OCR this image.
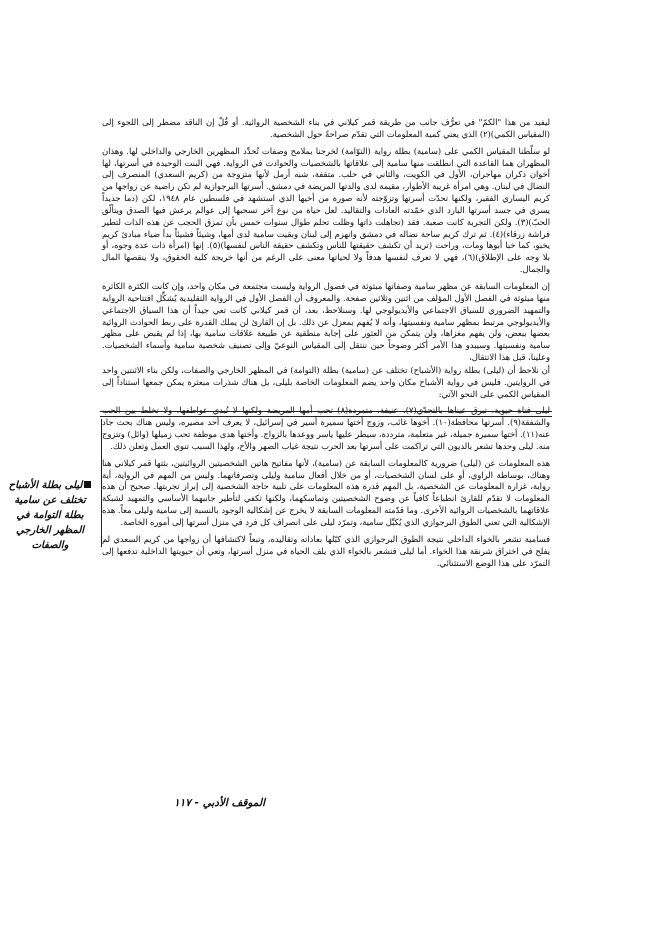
ليفيد من هذا "الكمّ" في تعرُّف جانب من طريقة قمر كيلاني في بناء الشخصية الروائية. أو قُلْ إن الناقد مضطر إلى اللجوء إلى (المقياس الكمي)(٢) الذي يعني كمية المعلومات التي تقدّم صراحةً حول الشخصية.

لو سلّطنا المقياس الكمي على (سامية) بطلة رواية (التوّامة) لخرجنا بملامح وصفات تُحدِّد المظهرين الخارجي والداخلي لها. وهذان المظهران هما القاعدة التي انطلقت منها سامية إلى علاقاتها بالشخصيات والحوادث في الرواية. فهي البنت الوحيدة في أسرتها، لها أخوان ذكران مهاجران، الأول في الكويت، والثاني في حلب. متقفة، شبه أرمل لأنها متزوجة من (كريم السعدي) المنصرف إلى النضال في لبنان. وهي امرأة غريبة الأطوار، مقيمة لدى والدتها المريضة في دمشق. أسرتها البرجوازية لم تكن راضية عن زواجها من كريم اليساري الفقير، ولكنها تحدّت أسرتها وتزوّجته لأنه صورة من أخيها الذي استشهد في فلسطين عام ١٩٤٨، لكن (دما جديداً يسري في جسد أسرتها البارد الذي خمّدته العادات والتقاليد. لعل حياة من نوع آخر تسحبها إلى عوالم يرعش فيها الصدق ويتألّق الحبّ)(٣). ولكن التجربة كانت صعبة. فقد (تجاهلت ذاتها وظلت تحلم طوال سنوات خمس بأن تمزق الحجب عن هذه الذات لتطير فراشة زرقاء)(٤). ثم ترك كريم ساحة نضاله في دمشق وانهزم إلى لبنان وبقيت سامية لدى أمها، وشيئاً فشيئاً بدأ ضياء مبادئ كريم يخبو، كما خبا أبوها ومات، وراحت (تريد أن تكشف حقيقتها للناس وتكشف حقيقة الناس لنفسها)(٥). إنها (امرأة ذات عدة وجوه، أو بلا وجه على الإطلاق)(٦)، فهي لا تعرف لنفسها هدفاً ولا لحياتها معنى على الرغم من أنها خريجة كلية الحقوق، ولا ينقصها المال والجمال.

إن المعلومات السابقة عن مظهر سامية وصفاتها مبثوثة في فصول الرواية وليست مجتمعة في مكان واحد، وإن كانت الكثرة الكاثرة منها مبثوثة في الفصل الأول المؤلف من اثنين وثلاثين صفحة. والمعروف أن الفصل الأول في الرواية التقليدية يُشكِّل افتتاحية الرواية والتمهيد الضروري للسياق الاجتماعي والأيديولوجي لها. وسنلاحظ، بعد، أن قمر كيلاني كانت تعي جيداً أن هذا السياق الاجتماعي والأيديولوجي مرتبط بمظهر سامية ونفسيتها، وأنه لا يُفهم بمعزل عن ذلك. بل إن القارئ لن يملك القدرة على ربط الحوادث الروائية بعضها ببعض، ولن يفهم مغزاها، ولن يتمكن من العثور على إجابة منطقية عن طبيعة علاقات سامية بها، إذا لم يقبض على مظهر سامية ونفسيتها. وسيبدو هذا الأمر أكثر وضوحاً حين ننتقل إلى المقياس النوعيّ وإلى تصنيف شخصية سامية وأسماء الشخصيات. وعلينا، قبل هذا الانتقال،

أن نلاحظ أن (ليلى) بطلة رواية (الأشباح) تختلف عن (سامية) بطلة (التوامة) في المظهر الخارجي والصفات، ولكن بناء الاثنتين واحد في الروايتين. فليس في رواية الأشباح مكان واحد يضم المعلومات الخاصة بليلى، بل هناك شذرات مبعثرة يمكن جمعها استناداً إلى المقياس الكمي على النحو الآتي:

ليلى فتاة حيوية، تبرق عيناها بالتحدّي(٧). عنيفة، متمردة(٨) تحب أمها المريضة ولكنها لا تُبدي عواطفها، ولا تخلط بين الحب والشفقة(٩). أسرتها محافظة(١٠). أخوها غائب، وزوج أختها سميرة أسير في إسرائيل، لا يعرف أحد مصيره، وليس هناك بحث جاد عنه(١١). أختها سميرة جميلة، غير متعلمة، مترددة، سيطر عليها ياسر ووعدها بالزواج. وأختها هدى موظفة تحب زميلها (وائل) وتتزوج منه. ليلى وحدها تشعر بالديون التي تراكمت على أسرتها بعد الحرب نتيجة غياب الصهر والأخ، ولهذا السبب تنوي العمل وتعلن ذلك.

هذه المعلومات عن (ليلى) ضرورية كالمعلومات السابقة عن (سامية)، لأنها مفاتيح هاتين الشخصيتين الروائيتين، بثتها قمر كيلاني هنا وهناك، بوساطة الراوي، أو على لسان الشخصيات، أو من خلال أفعال سامية وليلى وتصرفاتهما. وليس من المهم في الرواية، أية رواية، غزارة المعلومات عن الشخصية، بل المهم قدرة هذه المعلومات على تلبية حاجة الشخصية إلى إبراز تجربتها. صحيح أن هذه المعلومات لا تقدّم للقارئ انطباعاً كافياً عن وضوح الشخصيتين وتماسكهما، ولكنها تكفي لتأطير جانبهما الأساسي والتمهيد لشبكة علاقاتهما بالشخصيات الروائية الأخرى. وما قدّمته المعلومات السابقة لا يخرج عن إشكالية الوجود بالنسبة إلى سامية وليلى معاً. هذه الإشكالية التي تعني الطوق البرجوازي الذي يُكبِّل سامية، وتمرّد ليلى على انصراف كل فرد في منزل أسرتها إلى أموره الخاصة.

فسامية تشعر بالخواء الداخلي نتيجة الطوق البرجوازي الذي كبّلها بعاداته وتقاليده، وتبعاً لاكتشافها أن زواجها من كريم السعدي لم يفلح في اختراق شرنقة هذا الخواء. أما ليلى فتشعر بالخواء الذي يلف الحياة في منزل أسرتها، وتعي أن حيويتها الداخلية تدفعها إلى التمرّد على هذا الوضع الاستثنائي.

ليلى بطلة الأشباح تختلف عن سامية بطلة التوامة في المظهر الخارجي والصفات
الموقف الأدبي - ١١٧
